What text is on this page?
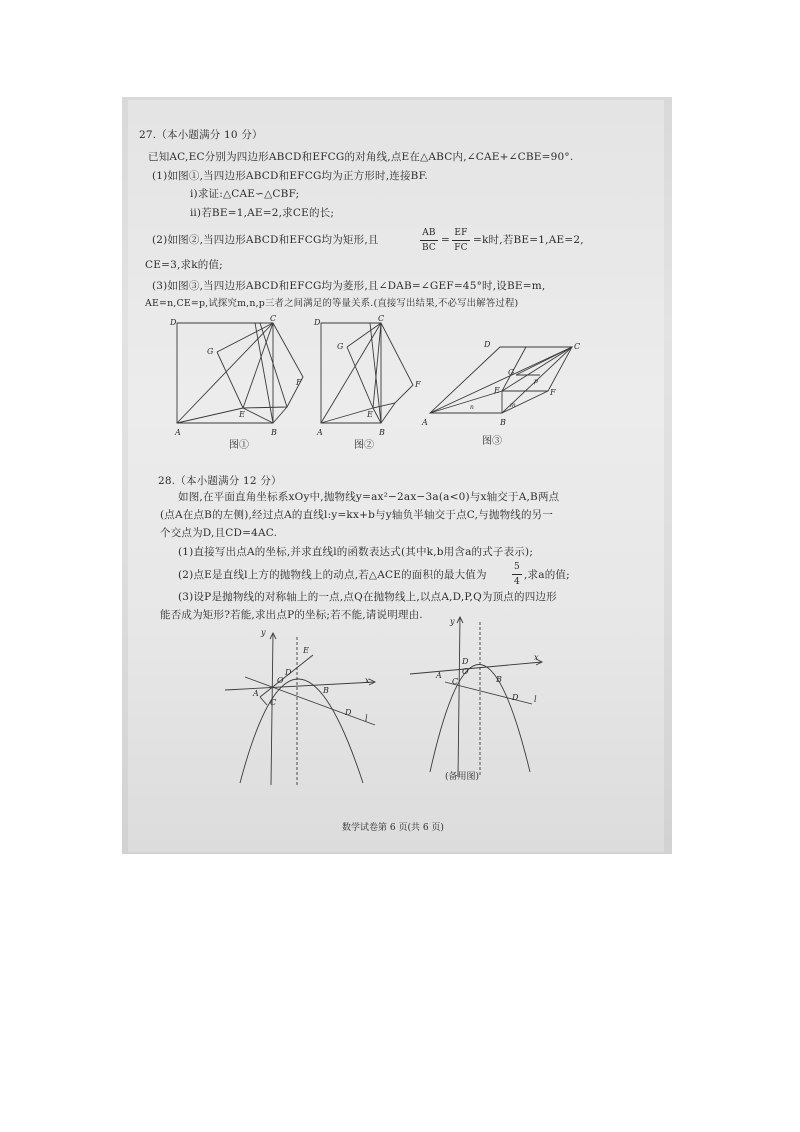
27.（本小题满分 10 分）
已知AC,EC分别为四边形ABCD和EFCG的对角线,点E在△ABC内,∠CAE+∠CBE=90°.
(1)如图①,当四边形ABCD和EFCG均为正方形时,连接BF.
ⅰ)求证:△CAE∽△CBF;
ⅱ)若BE=1,AE=2,求CE的长;
(2)如图②,当四边形ABCD和EFCG均为矩形,且
AB
BC
=
EF
FC
=k时,若BE=1,AE=2,
CE=3,求k的值;
(3)如图③,当四边形ABCD和EFCG均为菱形,且∠DAB=∠GEF=45°时,设BE=m,
AE=n,CE=p,试探究m,n,p三者之间满足的等量关系.(直接写出结果,不必写出解答过程)
D	C
G
F
E
A	B
图①
D	C
G
F
E
A	B
图②
D	C
G
F
E
p
n	m
A	B
图③
28.（本小题满分 12 分）
如图,在平面直角坐标系xOy中,抛物线y=ax²−2ax−3a(a<0)与x轴交于A,B两点
(点A在点B的左侧),经过点A的直线l:y=kx+b与y轴负半轴交于点C,与抛物线的另一
个交点为D,且CD=4AC.
(1)直接写出点A的坐标,并求直线l的函数表达式(其中k,b用含a的式子表示);
(2)点E是直线l上方的抛物线上的动点,若△ACE的面积的最大值为
5
4
,求a的值;
(3)设P是抛物线的对称轴上的一点,点Q在抛物线上,以点A,D,P,Q为顶点的四边形
能否成为矩形?若能,求出点P的坐标;若不能,请说明理由.
E
D
O
A
C
B
D
l
x
y
y
D
A
C
O
B
D l
x
(备用图)
数学试卷第 6 页(共 6 页)
